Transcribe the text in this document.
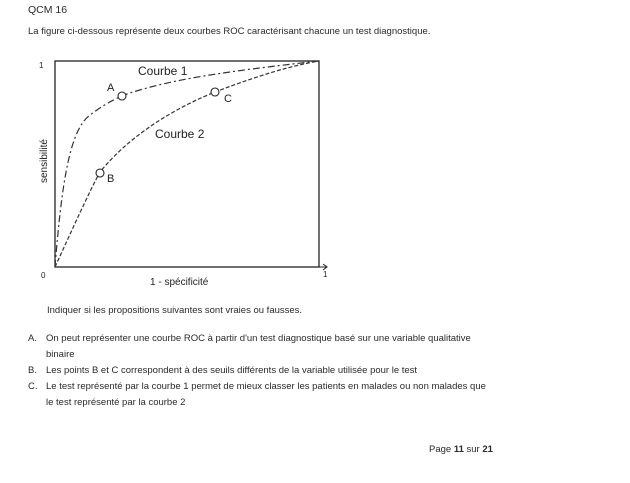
QCM 16
La figure ci-dessous représente deux courbes ROC caractérisant chacune un test diagnostique.
A
C
B
Courbe 1
Courbe 2
1
0	1
1 - spécificité
sensibilité
Indiquer si les propositions suivantes sont vraies ou fausses.
A. On peut représenter une courbe ROC à partir d'un test diagnostique basé sur une variable qualitative binaire
B. Les points B et C correspondent à des seuils différents de la variable utilisée pour le test
C. Le test représenté par la courbe 1 permet de mieux classer les patients en malades ou non malades que le test représenté par la courbe 2
Page 11 sur 21
